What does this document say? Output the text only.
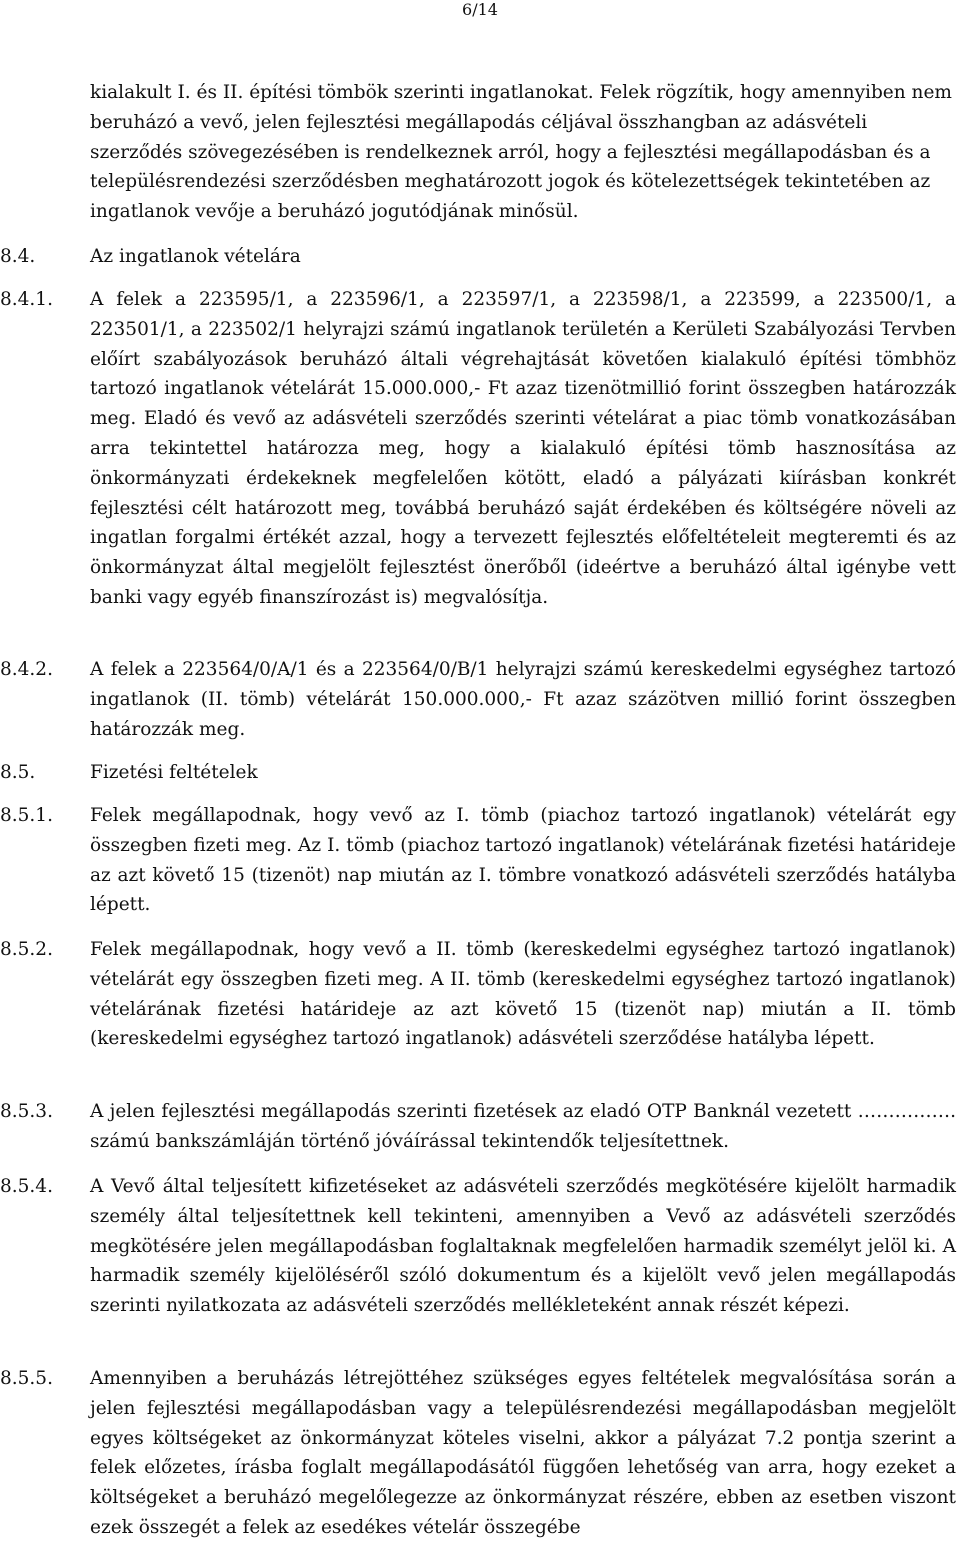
6/14
kialakult I. és II. építési tömbök szerinti ingatlanokat. Felek rögzítik, hogy amennyiben nem beruházó a vevő, jelen fejlesztési megállapodás céljával összhangban az adásvételi szerződés szövegezésében is rendelkeznek arról, hogy a fejlesztési megállapodásban és a településrendezési szerződésben meghatározott jogok és kötelezettségek tekintetében az ingatlanok vevője a beruházó jogutódjának minősül.
8.4.	Az ingatlanok vételára
8.4.1.	A felek a 223595/1, a 223596/1, a 223597/1, a 223598/1, a 223599, a 223500/1, a 223501/1, a 223502/1 helyrajzi számú ingatlanok területén a Kerületi Szabályozási Tervben előírt szabályozások beruházó általi végrehajtását követően kialakuló építési tömbhöz tartozó ingatlanok vételárát 15.000.000,- Ft azaz tizenötmillió forint összegben határozzák meg. Eladó és vevő az adásvételi szerződés szerinti vételárat a piac tömb vonatkozásában arra tekintettel határozza meg, hogy a kialakuló építési tömb hasznosítása az önkormányzati érdekeknek megfelelően kötött, eladó a pályázati kiírásban konkrét fejlesztési célt határozott meg, továbbá beruházó saját érdekében és költségére növeli az ingatlan forgalmi értékét azzal, hogy a tervezett fejlesztés előfeltételeit megteremti és az önkormányzat által megjelölt fejlesztést önerőből (ideértve a beruházó által igénybe vett banki vagy egyéb finanszírozást is) megvalósítja.
8.4.2.	A felek a 223564/0/A/1 és a 223564/0/B/1 helyrajzi számú kereskedelmi egységhez tartozó ingatlanok (II. tömb) vételárát 150.000.000,- Ft azaz százötven millió forint összegben határozzák meg.
8.5.	Fizetési feltételek
8.5.1.	Felek megállapodnak, hogy vevő az I. tömb (piachoz tartozó ingatlanok) vételárát egy összegben fizeti meg. Az I. tömb (piachoz tartozó ingatlanok) vételárának fizetési határideje az azt követő 15 (tizenöt) nap miután az I. tömbre vonatkozó adásvételi szerződés hatályba lépett.
8.5.2.	Felek megállapodnak, hogy vevő a II. tömb (kereskedelmi egységhez tartozó ingatlanok) vételárát egy összegben fizeti meg. A II. tömb (kereskedelmi egységhez tartozó ingatlanok) vételárának fizetési határideje az azt követő 15 (tizenöt nap) miután a II. tömb (kereskedelmi egységhez tartozó ingatlanok) adásvételi szerződése hatályba lépett.
8.5.3.	A jelen fejlesztési megállapodás szerinti fizetések az eladó OTP Banknál vezetett ……………. számú bankszámláján történő jóváírással tekintendők teljesítettnek.
8.5.4.	A Vevő által teljesített kifizetéseket az adásvételi szerződés megkötésére kijelölt harmadik személy által teljesítettnek kell tekinteni, amennyiben a Vevő az adásvételi szerződés megkötésére jelen megállapodásban foglaltaknak megfelelően harmadik személyt jelöl ki. A harmadik személy kijelöléséről szóló dokumentum és a kijelölt vevő jelen megállapodás szerinti nyilatkozata az adásvételi szerződés mellékleteként annak részét képezi.
8.5.5.	Amennyiben a beruházás létrejöttéhez szükséges egyes feltételek megvalósítása során a jelen fejlesztési megállapodásban vagy a településrendezési megállapodásban megjelölt egyes költségeket az önkormányzat köteles viselni, akkor a pályázat 7.2 pontja szerint a felek előzetes, írásba foglalt megállapodásától függően lehetőség van arra, hogy ezeket a költségeket a beruházó megelőlegezze az önkormányzat részére, ebben az esetben viszont ezek összegét a felek az esedékes vételár összegébe
